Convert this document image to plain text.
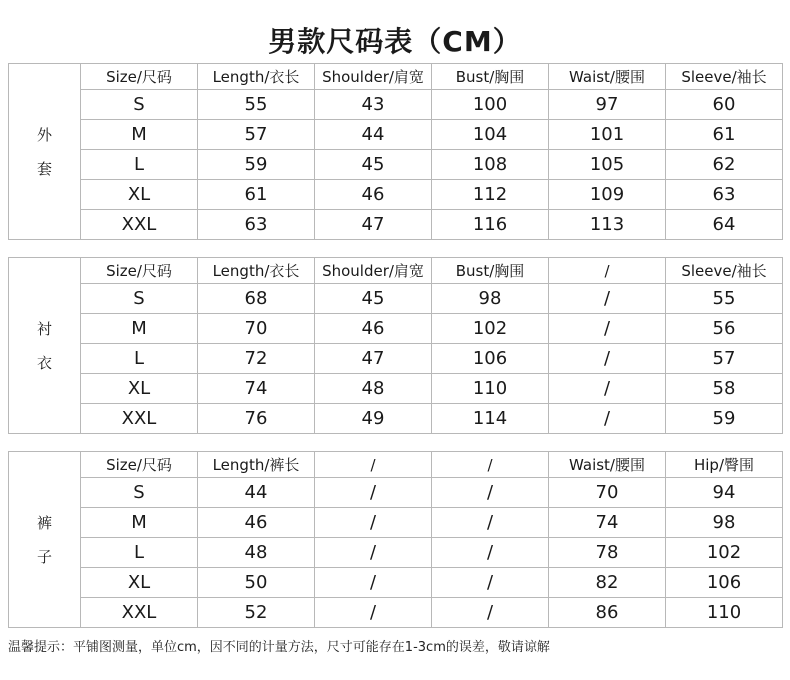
男款尺码表（CM）
外
套	Size/尺码	Length/衣长	Shoulder/肩宽	Bust/胸围	Waist/腰围	Sleeve/袖长
	S	55	43	100	97	60
	M	57	44	104	101	61
	L	59	45	108	105	62
	XL	61	46	112	109	63
	XXL	63	47	116	113	64
衬
衣	Size/尺码	Length/衣长	Shoulder/肩宽	Bust/胸围	/	Sleeve/袖长
	S	68	45	98	/	55
	M	70	46	102	/	56
	L	72	47	106	/	57
	XL	74	48	110	/	58
	XXL	76	49	114	/	59
裤
子	Size/尺码	Length/裤长	/	/	Waist/腰围	Hip/臀围
	S	44	/	/	70	94
	M	46	/	/	74	98
	L	48	/	/	78	102
	XL	50	/	/	82	106
	XXL	52	/	/	86	110
温馨提示：平铺图测量，单位cm，因不同的计量方法，尺寸可能存在1-3cm的误差，敬请谅解
